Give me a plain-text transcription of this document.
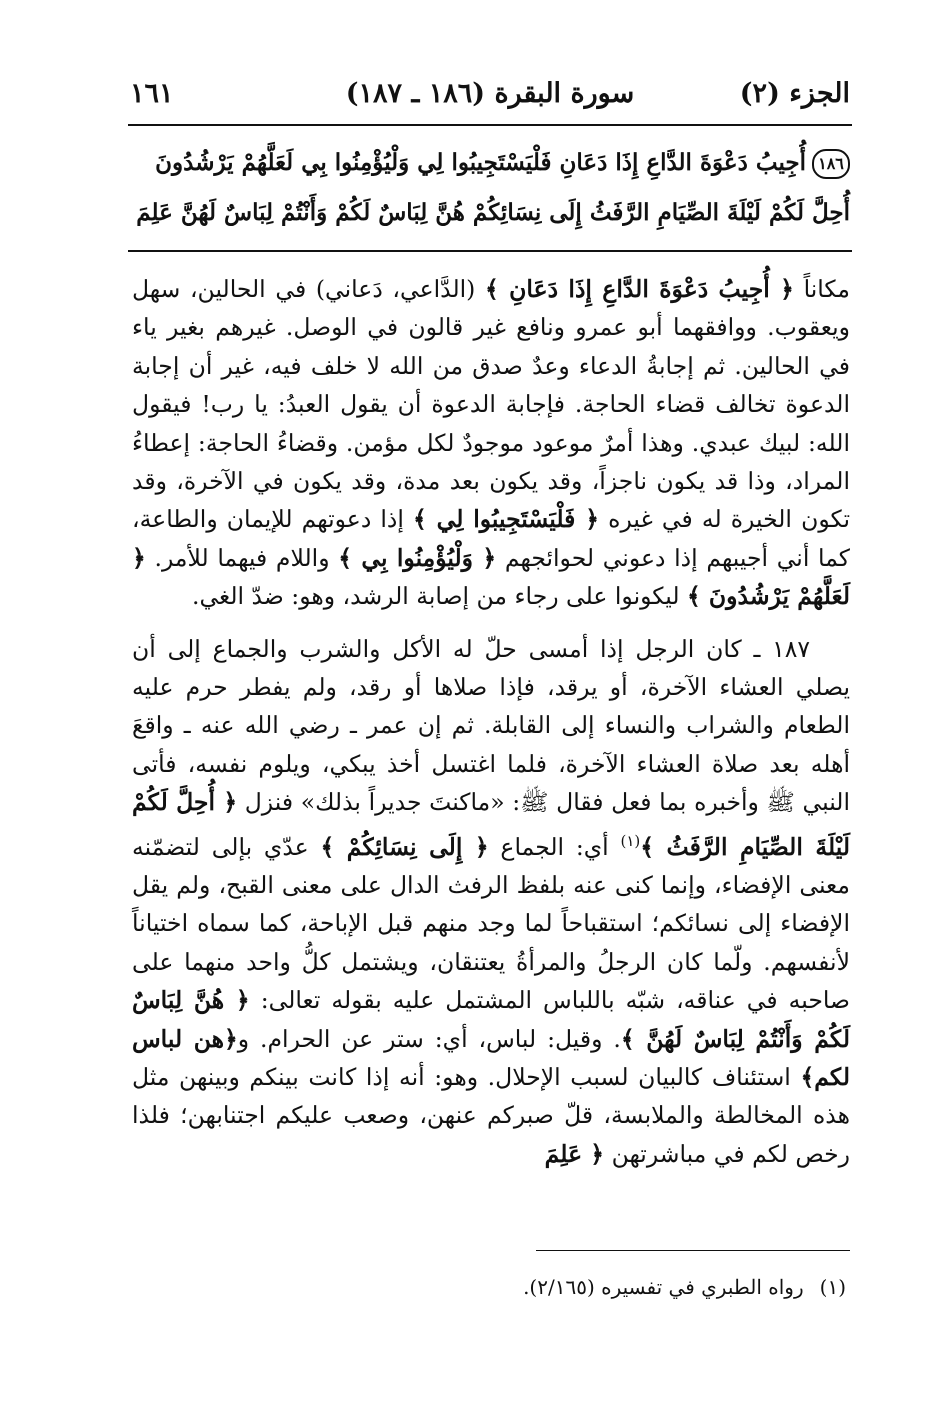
الجزء (٢)
سورة البقرة (١٨٦ ـ ١٨٧)
١٦١
١٨٦أُجِيبُ دَعْوَةَ الدَّاعِ إِذَا دَعَانِ فَلْيَسْتَجِيبُوا لِي وَلْيُؤْمِنُوا بِي لَعَلَّهُمْ يَرْشُدُونَ
أُحِلَّ لَكُمْ لَيْلَةَ الصِّيَامِ الرَّفَثُ إِلَى نِسَائِكُمْ هُنَّ لِبَاسٌ لَكُمْ وَأَنْتُمْ لِبَاسٌ لَهُنَّ عَلِمَ

مكاناً ﴿ أُجِيبُ دَعْوَةَ الدَّاعِ إِذَا دَعَانِ ﴾ (الدَّاعي، دَعاني) في الحالين، سهل ويعقوب. ووافقهما أبو عمرو ونافع غير قالون في الوصل. غيرهم بغير ياء في الحالين. ثم إجابةُ الدعاء وعدٌ صدق من الله لا خلف فيه، غير أن إجابة الدعوة تخالف قضاء الحاجة. فإجابة الدعوة أن يقول العبدُ: يا رب! فيقول الله: لبيك عبدي. وهذا أمرٌ موعود موجودٌ لكل مؤمن. وقضاءُ الحاجة: إعطاءُ المراد، وذا قد يكون ناجزاً، وقد يكون بعد مدة، وقد يكون في الآخرة، وقد تكون الخيرة له في غيره ﴿ فَلْيَسْتَجِيبُوا لِي ﴾ إذا دعوتهم للإيمان والطاعة، كما أني أجيبهم إذا دعوني لحوائجهم ﴿ وَلْيُؤْمِنُوا بِي ﴾ واللام فيهما للأمر. ﴿ لَعَلَّهُمْ يَرْشُدُونَ ﴾ ليكونوا على رجاء من إصابة الرشد، وهو: ضدّ الغي.

١٨٧ ـ كان الرجل إذا أمسى حلّ له الأكل والشرب والجماع إلى أن يصلي العشاء الآخرة، أو يرقد، فإذا صلاها أو رقد، ولم يفطر حرم عليه الطعام والشراب والنساء إلى القابلة. ثم إن عمر ـ رضي الله عنه ـ واقعَ أهله بعد صلاة العشاء الآخرة، فلما اغتسل أخذ يبكي، ويلوم نفسه، فأتى النبي ﷺ وأخبره بما فعل فقال ﷺ: «ماكنتَ جديراً بذلك» فنزل ﴿ أُحِلَّ لَكُمْ لَيْلَةَ الصِّيَامِ الرَّفَثُ ﴾$^{(١)}$ أي: الجماع ﴿ إِلَى نِسَائِكُمْ ﴾ عدّي بإلى لتضمّنه معنى الإفضاء، وإنما كنى عنه بلفظ الرفث الدال على معنى القبح، ولم يقل الإفضاء إلى نسائكم؛ استقباحاً لما وجد منهم قبل الإباحة، كما سماه اختياناً لأنفسهم. ولّما كان الرجلُ والمرأةُ يعتنقان، ويشتمل كلُّ واحد منهما على صاحبه في عناقه، شبّه باللباس المشتمل عليه بقوله تعالى: ﴿ هُنَّ لِبَاسٌ لَكُمْ وَأَنْتُمْ لِبَاسٌ لَهُنَّ ﴾. وقيل: لباس، أي: ستر عن الحرام. و﴿هن لباس لكم﴾ استئناف كالبيان لسبب الإحلال. وهو: أنه إذا كانت بينكم وبينهن مثل هذه المخالطة والملابسة، قلّ صبركم عنهن، وصعب عليكم اجتنابهن؛ فلذا رخص لكم في مباشرتهن ﴿ عَلِمَ

(١)رواه الطبري في تفسيره (٢/١٦٥).
